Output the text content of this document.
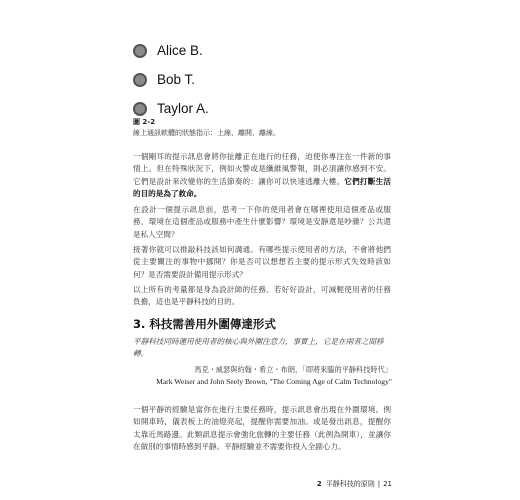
Alice B.
Bob T.
Taylor A.
圖 2-2
線上通訊軟體的狀態指示：上線、離開、離線。

一個剛耳的提示訊息會將你扯離正在進行的任務，迫使你專注在一件新的事情上。但在特殊狀況下，例如火警或是纖維風警報，則必須讓你感到不安。它們是設計來改變你的生活節奏的：讓你可以快速逃離大樓。它們打斷生活的目的是為了救命。

在設計一個提示訊息前，思考一下你的使用者會在哪裡使用這個產品或服務，環境在這個產品或服務中產生什麼影響？環境是安靜還是吵雜？公共還是私人空間？

接著你就可以推敲科技該如何溝通。有哪些提示使用者的方法，不會將他們從主要關注的事物中挪開？你是否可以想想若主要的提示形式失效時該如何？是否需要設計備用提示形式？

以上所有的考量都是身為設計師的任務。若好好設計，可減輕使用者的任務負擔，這也是平靜科技的目的。

3. 科技需善用外圍傳達形式

平靜科技同時運用使用者的核心與外圍注意力，事實上，它是在兩者之間移轉。

馬克・威瑟與約翰・希立・布朗，「即將來臨的平靜科技時代」
Mark Weiser and John Seely Brown, "The Coming Age of Calm Technology"

一個平靜的經驗是當你在進行主要任務時，提示訊息會出現在外圍環境。例如開車時，儀表板上的油燈亮起，提醒你需要加油。或是發出訊息，提醒你太靠近馬路邊。此類訊息提示會強化旅轉的主要任務（此例為開車），並讓你在做別的事情時感到平靜。平靜經驗並不需要你投入全副心力。

2 平靜科技的原則 | 21
